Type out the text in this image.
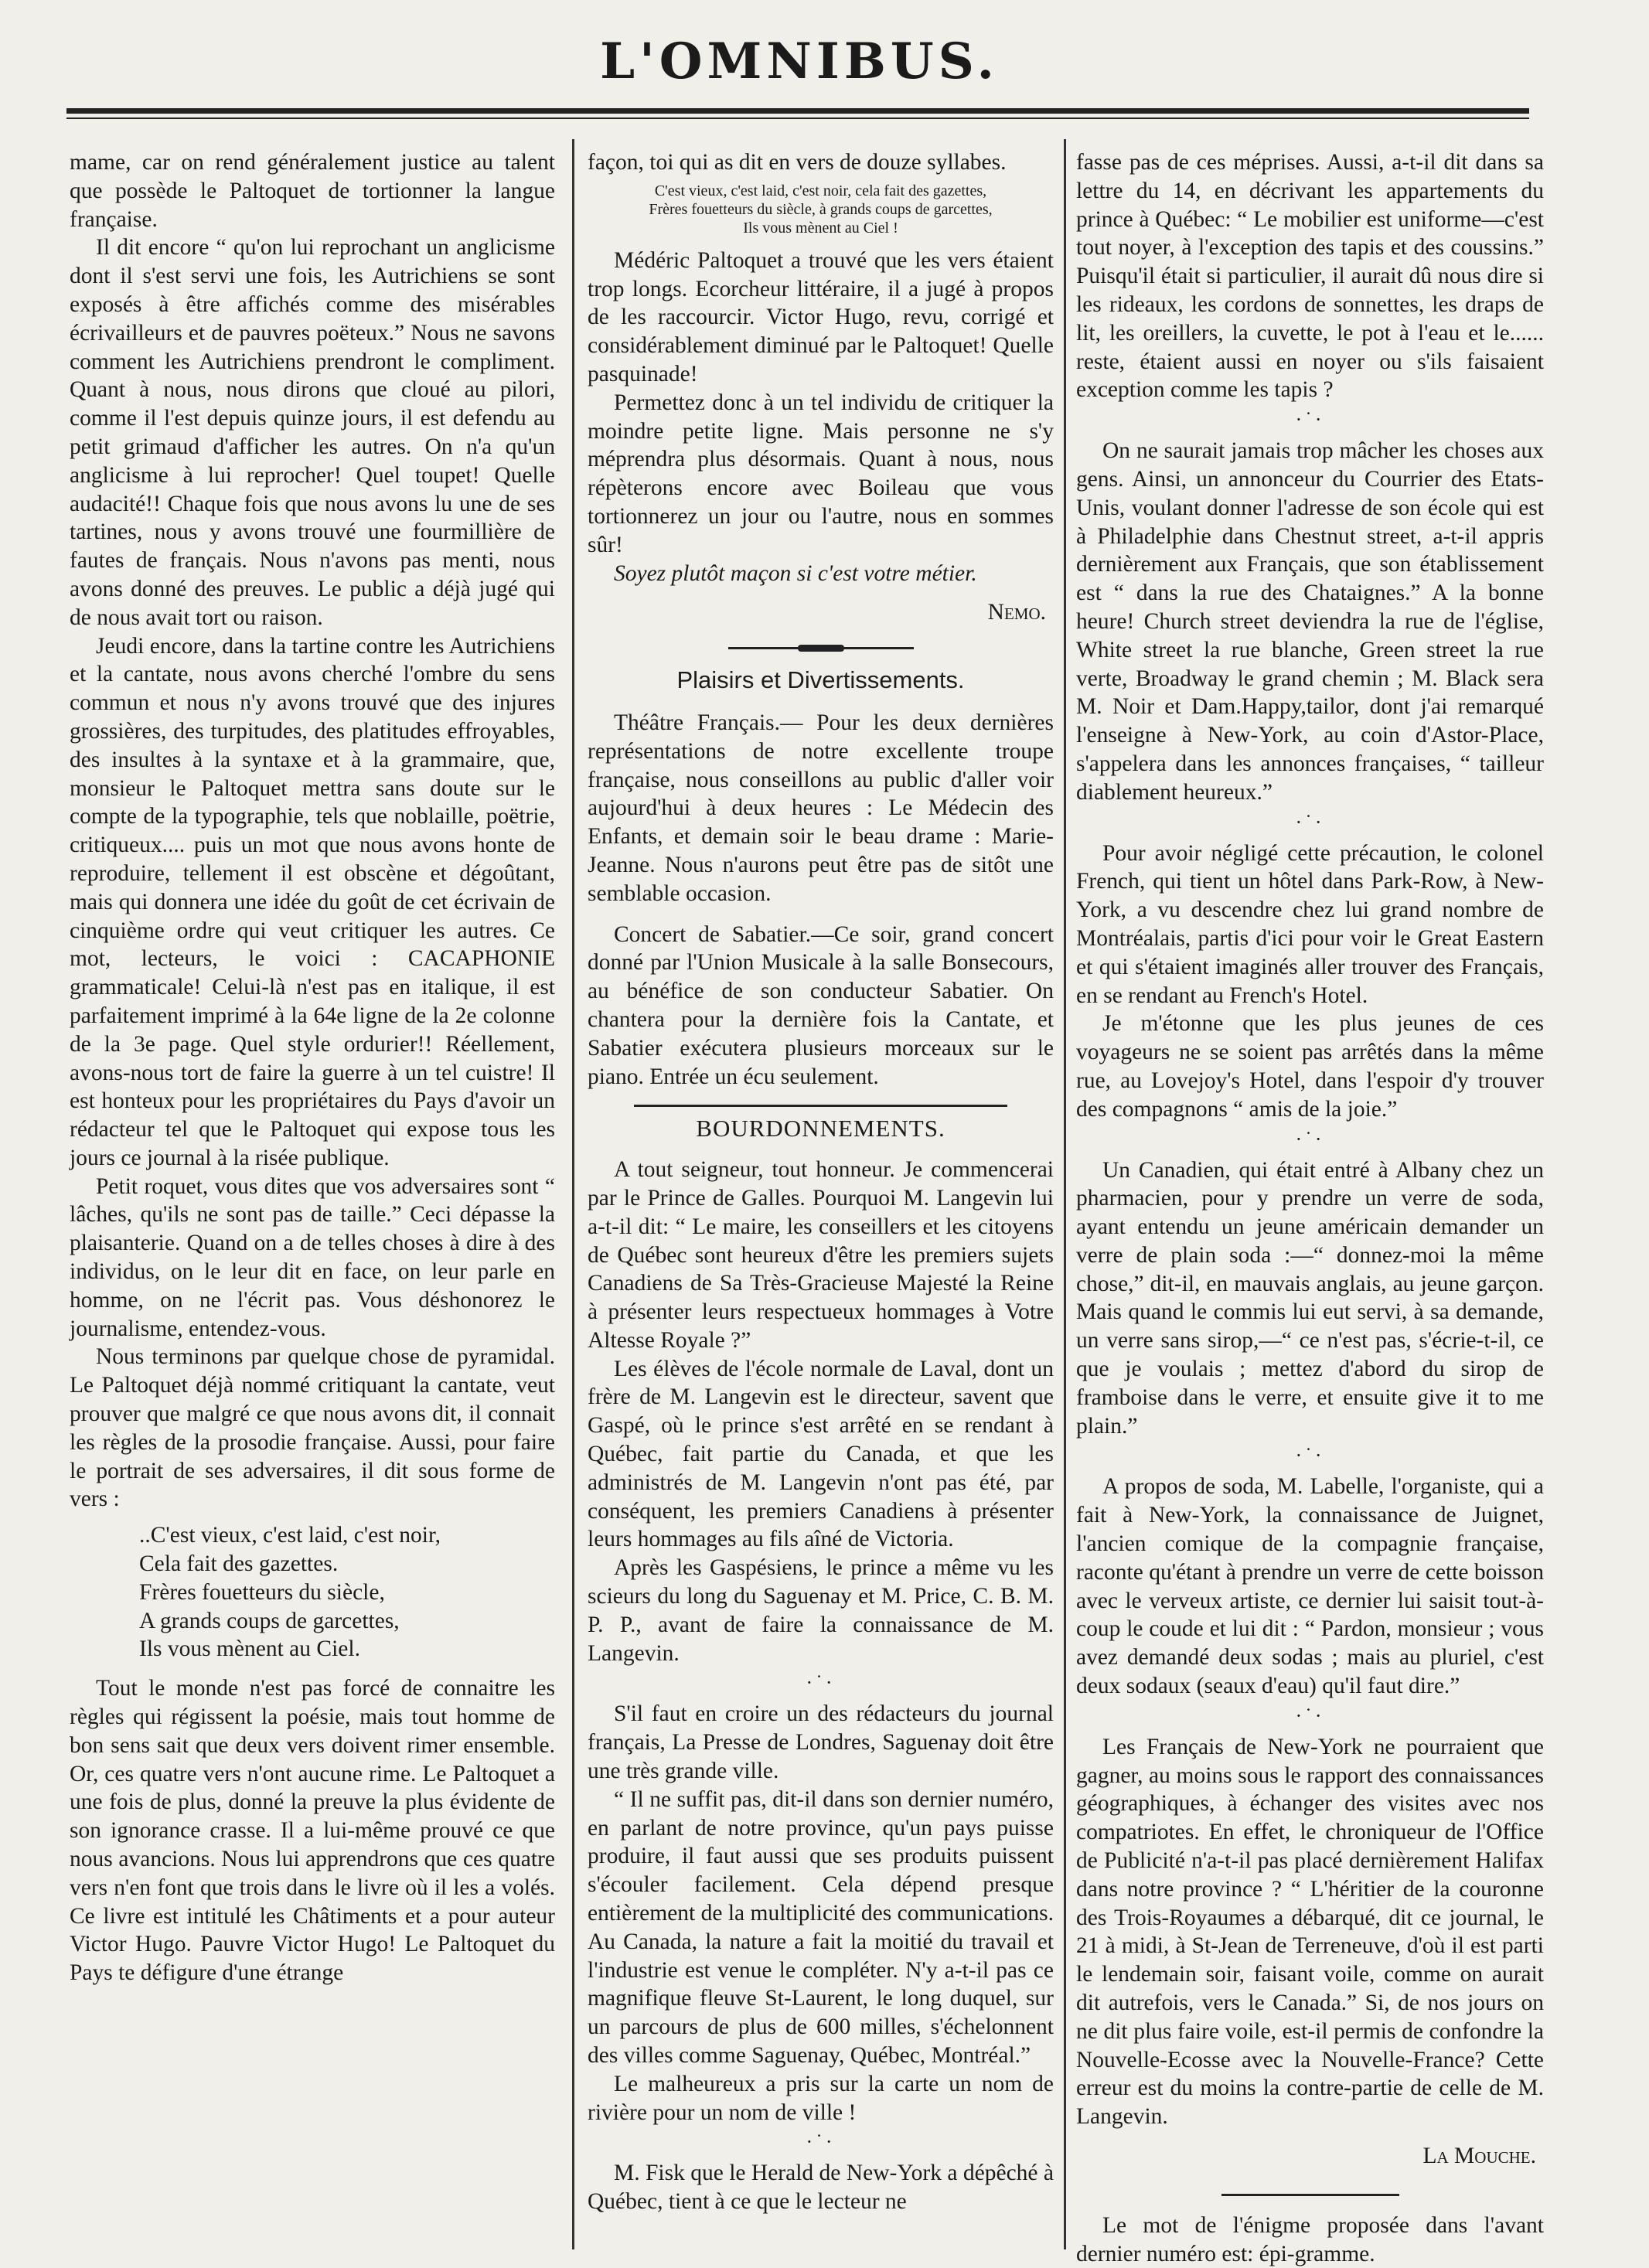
L'OMNIBUS.

mame, car on rend généralement justice au talent que possède le Paltoquet de tortionner la langue française.

Il dit encore “ qu'on lui reprochant un anglicisme dont il s'est servi une fois, les Autrichiens se sont exposés à être affichés comme des misérables écrivailleurs et de pauvres poëteux.” Nous ne savons comment les Autrichiens prendront le compliment. Quant à nous, nous dirons que cloué au pilori, comme il l'est depuis quinze jours, il est defendu au petit grimaud d'afficher les autres. On n'a qu'un anglicisme à lui reprocher! Quel toupet! Quelle audacité!! Chaque fois que nous avons lu une de ses tartines, nous y avons trouvé une fourmillière de fautes de français. Nous n'avons pas menti, nous avons donné des preuves. Le public a déjà jugé qui de nous avait tort ou raison.

Jeudi encore, dans la tartine contre les Autrichiens et la cantate, nous avons cherché l'ombre du sens commun et nous n'y avons trouvé que des injures grossières, des turpitudes, des platitudes effroyables, des insultes à la syntaxe et à la grammaire, que, monsieur le Paltoquet mettra sans doute sur le compte de la typographie, tels que noblaille, poëtrie, critiqueux.... puis un mot que nous avons honte de reproduire, tellement il est obscène et dégoûtant, mais qui donnera une idée du goût de cet écrivain de cinquième ordre qui veut critiquer les autres. Ce mot, lecteurs, le voici : CACAPHONIE grammaticale! Celui-là n'est pas en italique, il est parfaitement imprimé à la 64e ligne de la 2e colonne de la 3e page. Quel style ordurier!! Réellement, avons-nous tort de faire la guerre à un tel cuistre! Il est honteux pour les propriétaires du Pays d'avoir un rédacteur tel que le Paltoquet qui expose tous les jours ce journal à la risée publique.

Petit roquet, vous dites que vos adversaires sont “ lâches, qu'ils ne sont pas de taille.” Ceci dépasse la plaisanterie. Quand on a de telles choses à dire à des individus, on le leur dit en face, on leur parle en homme, on ne l'écrit pas. Vous déshonorez le journalisme, entendez-vous.

Nous terminons par quelque chose de pyramidal. Le Paltoquet déjà nommé critiquant la cantate, veut prouver que malgré ce que nous avons dit, il connait les règles de la prosodie française. Aussi, pour faire le portrait de ses adversaires, il dit sous forme de vers :

..C'est vieux, c'est laid, c'est noir,
Cela fait des gazettes.
Frères fouetteurs du siècle,
A grands coups de garcettes,
Ils vous mènent au Ciel.

Tout le monde n'est pas forcé de connaitre les règles qui régissent la poésie, mais tout homme de bon sens sait que deux vers doivent rimer ensemble. Or, ces quatre vers n'ont aucune rime. Le Paltoquet a une fois de plus, donné la preuve la plus évidente de son ignorance crasse. Il a lui-même prouvé ce que nous avancions. Nous lui apprendrons que ces quatre vers n'en font que trois dans le livre où il les a volés. Ce livre est intitulé les Châtiments et a pour auteur Victor Hugo. Pauvre Victor Hugo! Le Paltoquet du Pays te défigure d'une étrange

façon, toi qui as dit en vers de douze syllabes.

C'est vieux, c'est laid, c'est noir, cela fait des gazettes,
Frères fouetteurs du siècle, à grands coups de garcettes,
Ils vous mènent au Ciel !

Médéric Paltoquet a trouvé que les vers étaient trop longs. Ecorcheur littéraire, il a jugé à propos de les raccourcir. Victor Hugo, revu, corrigé et considérablement diminué par le Paltoquet! Quelle pasquinade!

Permettez donc à un tel individu de critiquer la moindre petite ligne. Mais personne ne s'y méprendra plus désormais. Quant à nous, nous répèterons encore avec Boileau que vous tortionnerez un jour ou l'autre, nous en sommes sûr!

Soyez plutôt maçon si c'est votre métier.

Nemo.
Plaisirs et Divertissements.

Théâtre Français.— Pour les deux dernières représentations de notre excellente troupe française, nous conseillons au public d'aller voir aujourd'hui à deux heures : Le Médecin des Enfants, et demain soir le beau drame : Marie-Jeanne. Nous n'aurons peut être pas de sitôt une semblable occasion.

Concert de Sabatier.—Ce soir, grand concert donné par l'Union Musicale à la salle Bonsecours, au bénéfice de son conducteur Sabatier. On chantera pour la dernière fois la Cantate, et Sabatier exécutera plusieurs morceaux sur le piano. Entrée un écu seulement.

BOURDONNEMENTS.

A tout seigneur, tout honneur. Je commencerai par le Prince de Galles. Pourquoi M. Langevin lui a-t-il dit: “ Le maire, les conseillers et les citoyens de Québec sont heureux d'être les premiers sujets Canadiens de Sa Très-Gracieuse Majesté la Reine à présenter leurs respectueux hommages à Votre Altesse Royale ?”

Les élèves de l'école normale de Laval, dont un frère de M. Langevin est le directeur, savent que Gaspé, où le prince s'est arrêté en se rendant à Québec, fait partie du Canada, et que les administrés de M. Langevin n'ont pas été, par conséquent, les premiers Canadiens à présenter leurs hommages au fils aîné de Victoria.

Après les Gaspésiens, le prince a même vu les scieurs du long du Saguenay et M. Price, C. B. M. P. P., avant de faire la connaissance de M. Langevin.

·˙·

S'il faut en croire un des rédacteurs du journal français, La Presse de Londres, Saguenay doit être une très grande ville.

“ Il ne suffit pas, dit-il dans son dernier numéro, en parlant de notre province, qu'un pays puisse produire, il faut aussi que ses produits puissent s'écouler facilement. Cela dépend presque entièrement de la multiplicité des communications. Au Canada, la nature a fait la moitié du travail et l'industrie est venue le compléter. N'y a-t-il pas ce magnifique fleuve St-Laurent, le long duquel, sur un parcours de plus de 600 milles, s'échelonnent des villes comme Saguenay, Québec, Montréal.”

Le malheureux a pris sur la carte un nom de rivière pour un nom de ville !

·˙·

M. Fisk que le Herald de New-York a dépêché à Québec, tient à ce que le lecteur ne

fasse pas de ces méprises. Aussi, a-t-il dit dans sa lettre du 14, en décrivant les appartements du prince à Québec: “ Le mobilier est uniforme—c'est tout noyer, à l'exception des tapis et des coussins.” Puisqu'il était si particulier, il aurait dû nous dire si les rideaux, les cordons de sonnettes, les draps de lit, les oreillers, la cuvette, le pot à l'eau et le...... reste, étaient aussi en noyer ou s'ils faisaient exception comme les tapis ?

·˙·

On ne saurait jamais trop mâcher les choses aux gens. Ainsi, un annonceur du Courrier des Etats-Unis, voulant donner l'adresse de son école qui est à Philadelphie dans Chestnut street, a-t-il appris dernièrement aux Français, que son établissement est “ dans la rue des Chataignes.” A la bonne heure! Church street deviendra la rue de l'église, White street la rue blanche, Green street la rue verte, Broadway le grand chemin ; M. Black sera M. Noir et Dam.Happy,tailor, dont j'ai remarqué l'enseigne à New-York, au coin d'Astor-Place, s'appelera dans les annonces françaises, “ tailleur diablement heureux.”

·˙·

Pour avoir négligé cette précaution, le colonel French, qui tient un hôtel dans Park-Row, à New-York, a vu descendre chez lui grand nombre de Montréalais, partis d'ici pour voir le Great Eastern et qui s'étaient imaginés aller trouver des Français, en se rendant au French's Hotel.

Je m'étonne que les plus jeunes de ces voyageurs ne se soient pas arrêtés dans la même rue, au Lovejoy's Hotel, dans l'espoir d'y trouver des compagnons “ amis de la joie.”

·˙·

Un Canadien, qui était entré à Albany chez un pharmacien, pour y prendre un verre de soda, ayant entendu un jeune américain demander un verre de plain soda :—“ donnez-moi la même chose,” dit-il, en mauvais anglais, au jeune garçon. Mais quand le commis lui eut servi, à sa demande, un verre sans sirop,—“ ce n'est pas, s'écrie-t-il, ce que je voulais ; mettez d'abord du sirop de framboise dans le verre, et ensuite give it to me plain.”

·˙·

A propos de soda, M. Labelle, l'organiste, qui a fait à New-York, la connaissance de Juignet, l'ancien comique de la compagnie française, raconte qu'étant à prendre un verre de cette boisson avec le verveux artiste, ce dernier lui saisit tout-à-coup le coude et lui dit : “ Pardon, monsieur ; vous avez demandé deux sodas ; mais au pluriel, c'est deux sodaux (seaux d'eau) qu'il faut dire.”

·˙·

Les Français de New-York ne pourraient que gagner, au moins sous le rapport des connaissances géographiques, à échanger des visites avec nos compatriotes. En effet, le chroniqueur de l'Office de Publicité n'a-t-il pas placé dernièrement Halifax dans notre province ? “ L'héritier de la couronne des Trois-Royaumes a débarqué, dit ce journal, le 21 à midi, à St-Jean de Terreneuve, d'où il est parti le lendemain soir, faisant voile, comme on aurait dit autrefois, vers le Canada.” Si, de nos jours on ne dit plus faire voile, est-il permis de confondre la Nouvelle-Ecosse avec la Nouvelle-France? Cette erreur est du moins la contre-partie de celle de M. Langevin.

La Mouche.

Le mot de l'énigme proposée dans l'avant dernier numéro est: épi-gramme.
